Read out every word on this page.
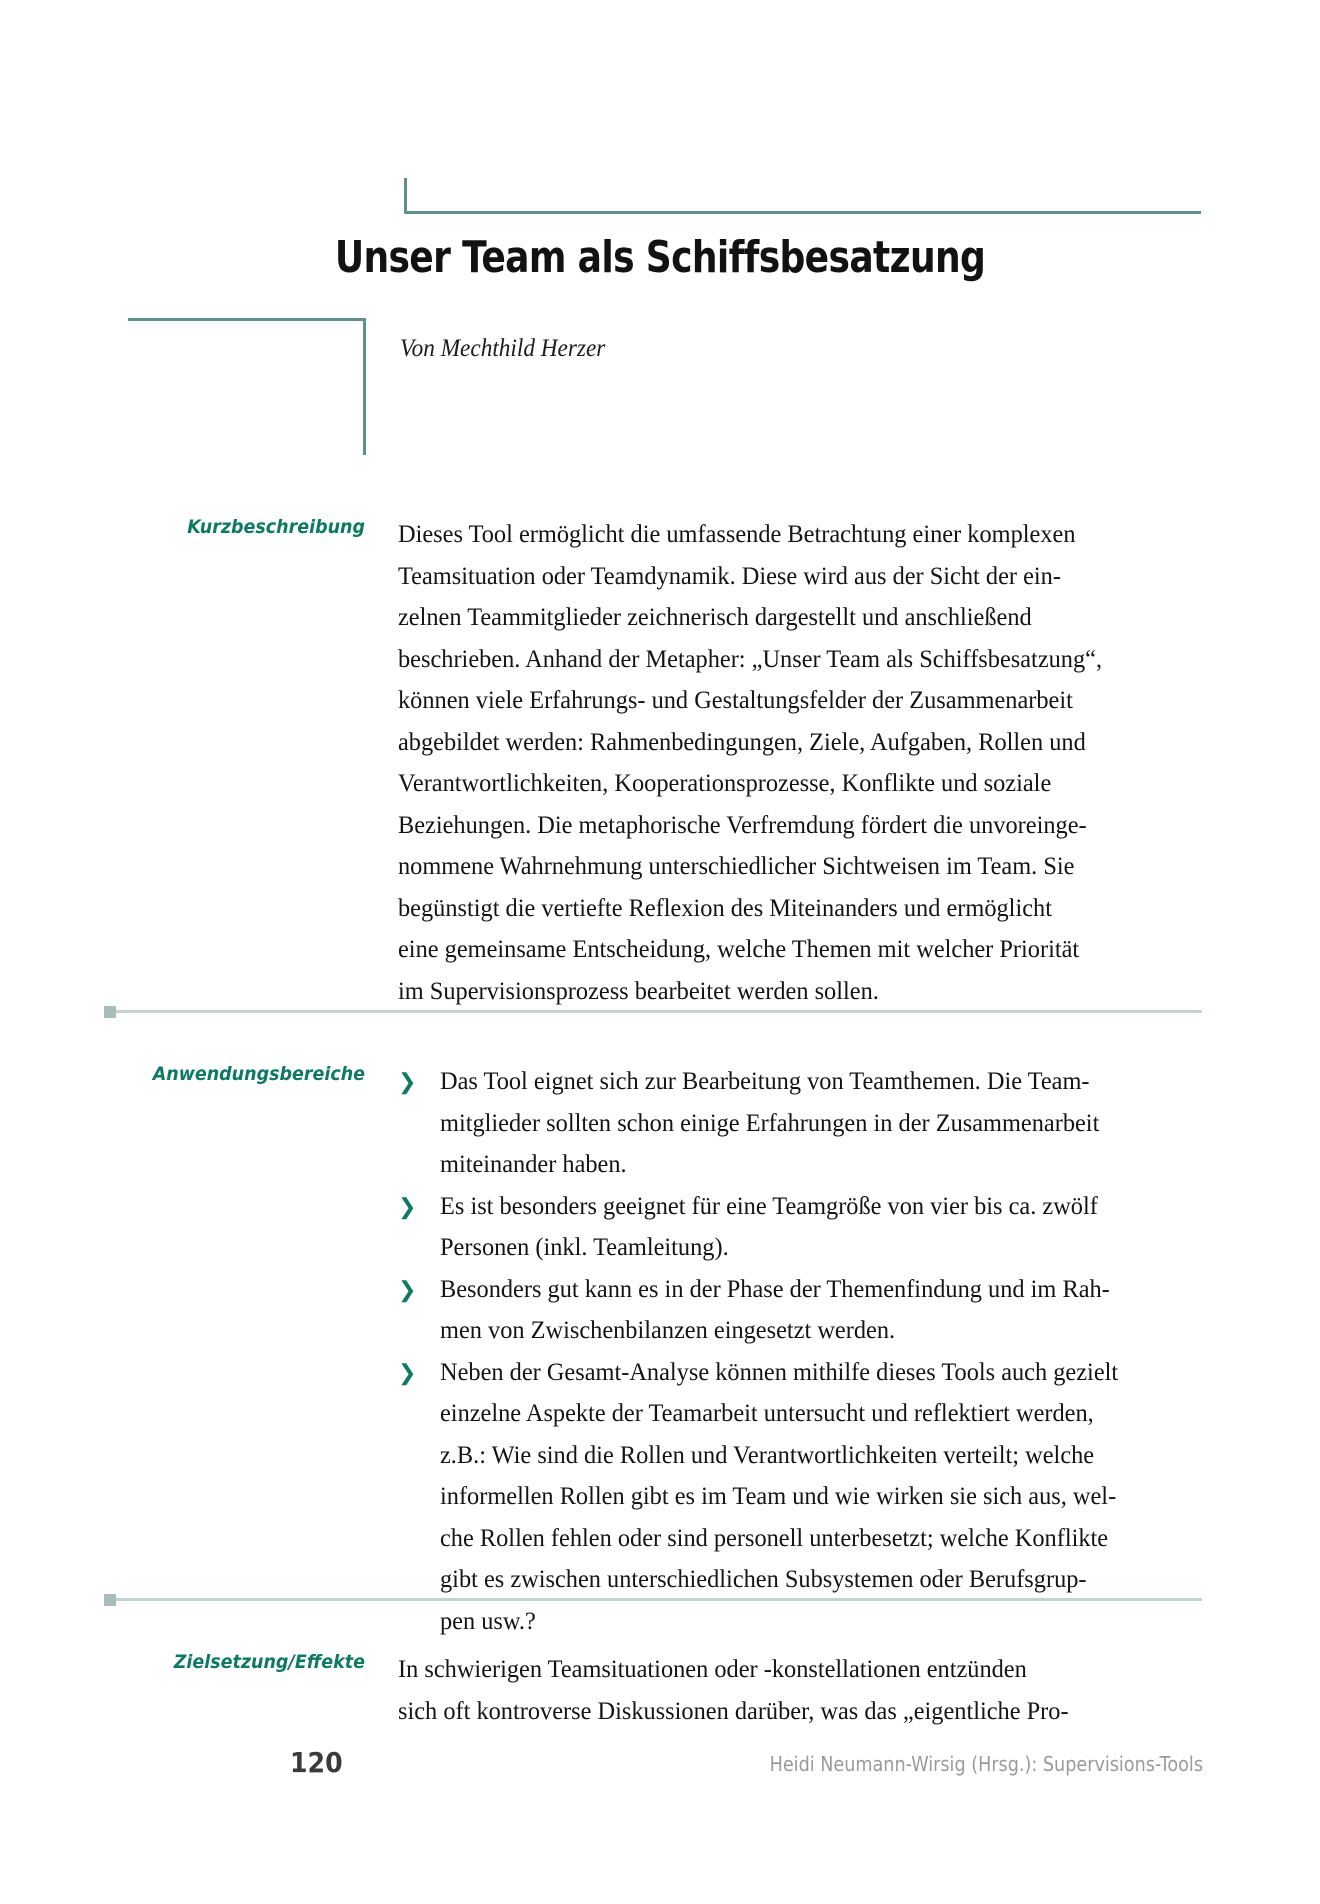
Unser Team als Schiffsbesatzung
Von Mechthild Herzer
Kurzbeschreibung Dieses Tool ermöglicht die umfassende Betrachtung einer komplexen

Teamsituation oder Teamdynamik. Diese wird aus der Sicht der ein-

zelnen Teammitglieder zeichnerisch dargestellt und anschließend

beschrieben. Anhand der Metapher: „Unser Team als Schiffsbesatzung“,

können viele Erfahrungs- und Gestaltungsfelder der Zusammenarbeit

abgebildet werden: Rahmenbedingungen, Ziele, Aufgaben, Rollen und

Verantwortlichkeiten, Kooperationsprozesse, Konflikte und soziale

Beziehungen. Die metaphorische Verfremdung fördert die unvoreinge-

nommene Wahrnehmung unterschiedlicher Sichtweisen im Team. Sie

begünstigt die vertiefte Reflexion des Miteinanders und ermöglicht

eine gemeinsame Entscheidung, welche Themen mit welcher Priorität

im Supervisionsprozess bearbeitet werden sollen.

Anwendungsbereiche ❯ Das Tool eignet sich zur Bearbeitung von Teamthemen. Die Team-
mitglieder sollten schon einige Erfahrungen in der Zusammenarbeit
miteinander haben.
❯ Es ist besonders geeignet für eine Teamgröße von vier bis ca. zwölf
Personen (inkl. Teamleitung).
❯ Besonders gut kann es in der Phase der Themenfindung und im Rah-
men von Zwischenbilanzen eingesetzt werden.
❯ Neben der Gesamt-Analyse können mithilfe dieses Tools auch gezielt
einzelne Aspekte der Teamarbeit untersucht und reflektiert werden,
z.B.: Wie sind die Rollen und Verantwortlichkeiten verteilt; welche
informellen Rollen gibt es im Team und wie wirken sie sich aus, wel-
che Rollen fehlen oder sind personell unterbesetzt; welche Konflikte
gibt es zwischen unterschiedlichen Subsystemen oder Berufsgrup-
pen usw.?
Zielsetzung/Effekte In schwierigen Teamsituationen oder -konstellationen entzünden

sich oft kontroverse Diskussionen darüber, was das „eigentliche Pro-

120	Heidi Neumann-Wirsig (Hrsg.): Supervisions-Tools
